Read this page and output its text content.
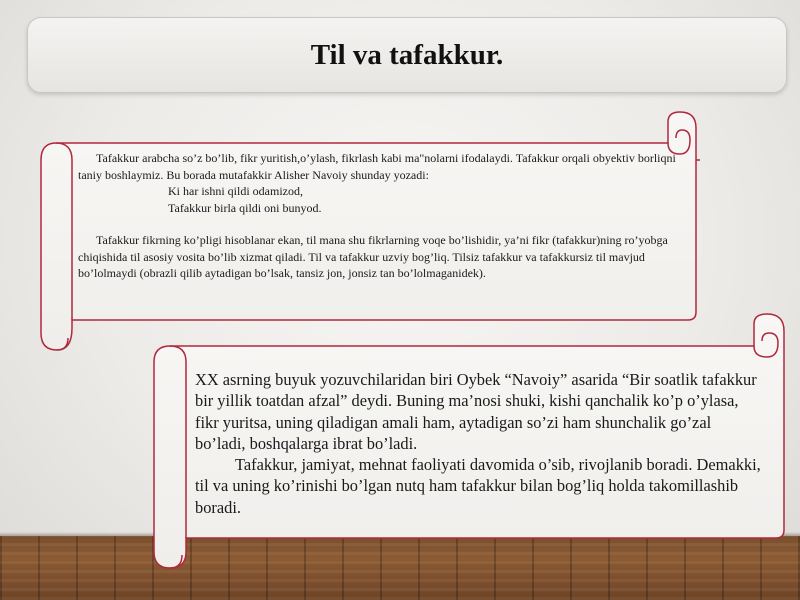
Til va tafakkur.

Tafakkur arabcha so’z bo’lib, fikr yuritish,o’ylash, fikrlash kabi ma"nolarni ifodalaydi. Tafakkur orqali obyektiv borliqni taniy boshlaymiz. Bu borada mutafakkir Alisher Navoiy shunday yozadi:

Ki har ishni qildi odamizod,

Tafakkur birla qildi oni bunyod.

Tafakkur fikrning ko’pligi hisoblanar ekan, til mana shu fikrlarning voqe bo’lishidir, ya’ni fikr (tafakkur)ning ro’yobga chiqishida til asosiy vosita bo’lib xizmat qiladi. Til va tafakkur uzviy bog’liq. Tilsiz tafakkur va tafakkursiz til mavjud bo’lolmaydi (obrazli qilib aytadigan bo’lsak, tansiz jon, jonsiz tan bo’lolmaganidek).

XX asrning buyuk yozuvchilaridan biri Oybek “Navoiy” asarida “Bir soatlik tafakkur bir yillik toatdan afzal” deydi. Buning ma’nosi shuki, kishi qanchalik ko’p o’ylasa, fikr yuritsa, uning qiladigan amali ham, aytadigan so’zi ham shunchalik go’zal bo’ladi, boshqalarga ibrat bo’ladi.

Tafakkur, jamiyat, mehnat faoliyati davomida o’sib, rivojlanib boradi. Demakki, til va uning ko’rinishi bo’lgan nutq ham tafakkur bilan bog’liq holda takomillashib boradi.
